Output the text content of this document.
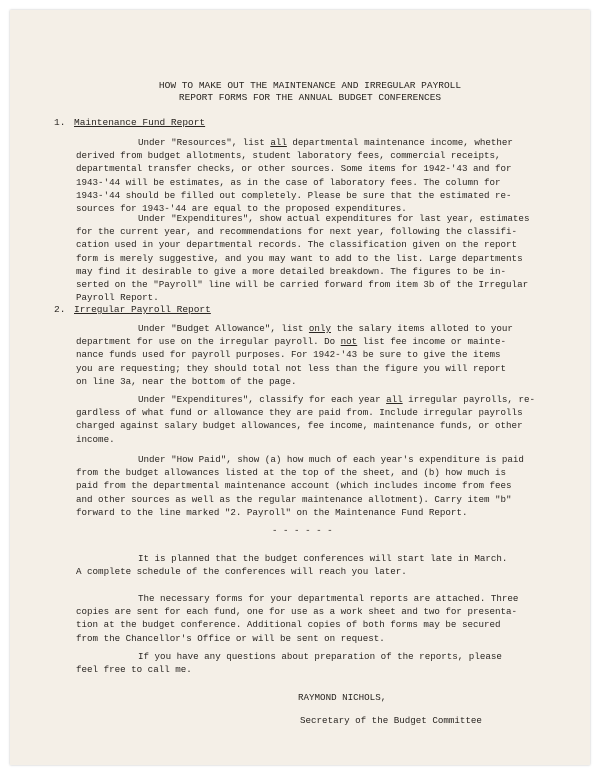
HOW TO MAKE OUT THE MAINTENANCE AND IRREGULAR PAYROLL
REPORT FORMS FOR THE ANNUAL BUDGET CONFERENCES
1. Maintenance Fund Report
Under "Resources", list all departmental maintenance income, whether
derived from budget allotments, student laboratory fees, commercial receipts,
departmental transfer checks, or other sources. Some items for 1942-'43 and for
1943-'44 will be estimates, as in the case of laboratory fees. The column for
1943-'44 should be filled out completely. Please be sure that the estimated re-
sources for 1943-'44 are equal to the proposed expenditures.
Under "Expenditures", show actual expenditures for last year, estimates
for the current year, and recommendations for next year, following the classifi-
cation used in your departmental records. The classification given on the report
form is merely suggestive, and you may want to add to the list. Large departments
may find it desirable to give a more detailed breakdown. The figures to be in-
serted on the "Payroll" line will be carried forward from item 3b of the Irregular
Payroll Report.
2. Irregular Payroll Report
Under "Budget Allowance", list only the salary items alloted to your
department for use on the irregular payroll. Do not list fee income or mainte-
nance funds used for payroll purposes. For 1942-'43 be sure to give the items
you are requesting; they should total not less than the figure you will report
on line 3a, near the bottom of the page.
Under "Expenditures", classify for each year all irregular payrolls, re-
gardless of what fund or allowance they are paid from. Include irregular payrolls
charged against salary budget allowances, fee income, maintenance funds, or other
income.
Under "How Paid", show (a) how much of each year's expenditure is paid
from the budget allowances listed at the top of the sheet, and (b) how much is
paid from the departmental maintenance account (which includes income from fees
and other sources as well as the regular maintenance allotment). Carry item "b"
forward to the line marked "2. Payroll" on the Maintenance Fund Report.
- - - - - -
It is planned that the budget conferences will start late in March.
A complete schedule of the conferences will reach you later.
The necessary forms for your departmental reports are attached. Three
copies are sent for each fund, one for use as a work sheet and two for presenta-
tion at the budget conference. Additional copies of both forms may be secured
from the Chancellor's Office or will be sent on request.
If you have any questions about preparation of the reports, please
feel free to call me.
RAYMOND NICHOLS,
Secretary of the Budget Committee
